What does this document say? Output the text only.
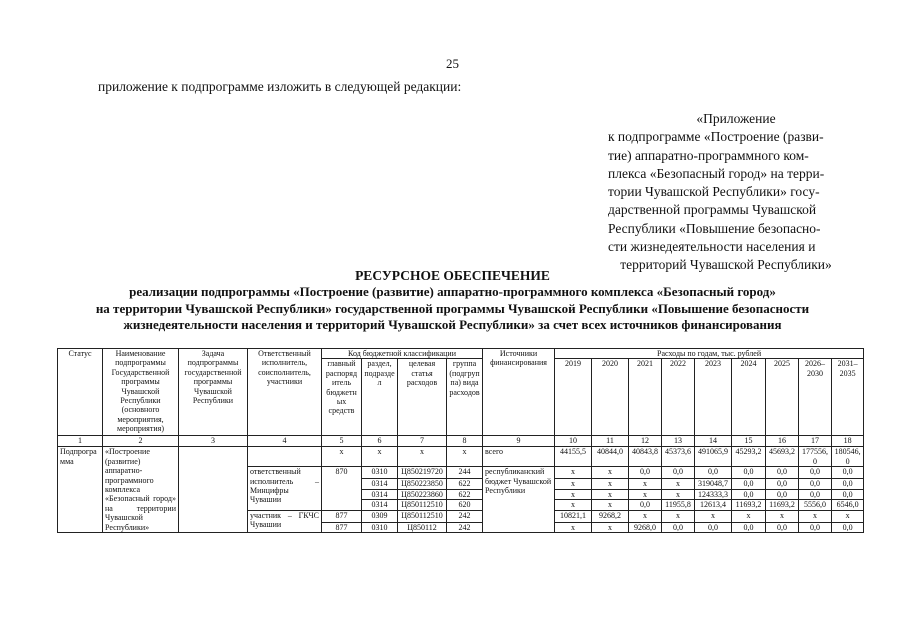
25
приложение к подпрограмме изложить в следующей редакции:
«Приложение
к подпрограмме «Построение (разви-
тие) аппаратно-программного ком-
плекса «Безопасный город» на терри-
тории Чувашской Республики» госу-
дарственной программы Чувашской
Республики «Повышение безопасно-
сти жизнедеятельности населения и
территорий Чувашской Республики»
РЕСУРСНОЕ ОБЕСПЕЧЕНИЕ
реализации подпрограммы «Построение (развитие) аппаратно-программного комплекса «Безопасный город»
на территории Чувашской Республики» государственной программы Чувашской Республики «Повышение безопасности
жизнедеятельности населения и территорий Чувашской Республики» за счет всех источников финансирования
Статус	Наименование подпрограммы Государственной программы Чувашской Республики (основного мероприятия, мероприятия)	Задача подпрограммы государственной программы Чувашской Республики	Ответственный исполнитель, соисполнитель, участники	Код бюджетной классификации				Источники финансирования	Расходы по годам, тыс. рублей								
				главный распорядитель бюджетных средств	раздел, подраздел	целевая статья расходов	группа (подгруппа) вида расходов		2019	2020	2021	2022	2023	2024	2025	2026–2030	2031–2035
1	2	3	4	5	6	7	8	9	10	11	12	13	14	15	16	17	18
Подпрограмма	«Построение (развитие) аппаратно-программного комплекса «Безопасный город» на территории Чувашской Республики»			х	х	х	х	всего	44155,5	40844,0	40843,8	45373,6	491065,9	45293,2	45693,2	177556,0	180546,0
			ответственный исполнитель – Минцифры Чувашии	870	0310	Ц850219720	244	республиканский бюджет Чувашской Республики	х	х	0,0	0,0	0,0	0,0	0,0	0,0	0,0
					0314	Ц850223850	622		х	х	х	х	319048,7	0,0	0,0	0,0	0,0
					0314	Ц850223860	622		х	х	х	х	124333,3	0,0	0,0	0,0	0,0
					0314	Ц850112510	620		х	х	0,0	11955,8	12613,4	11693,2	11693,2	5556,0	6546,0
			участник – ГКЧС Чувашии	877	0309	Ц850112510	242		10821,1	9268,2	х	х	х	х	х	х	х
				877	0310	Ц850112	242		х	х	9268,0	0,0	0,0	0,0	0,0	0,0	0,0
